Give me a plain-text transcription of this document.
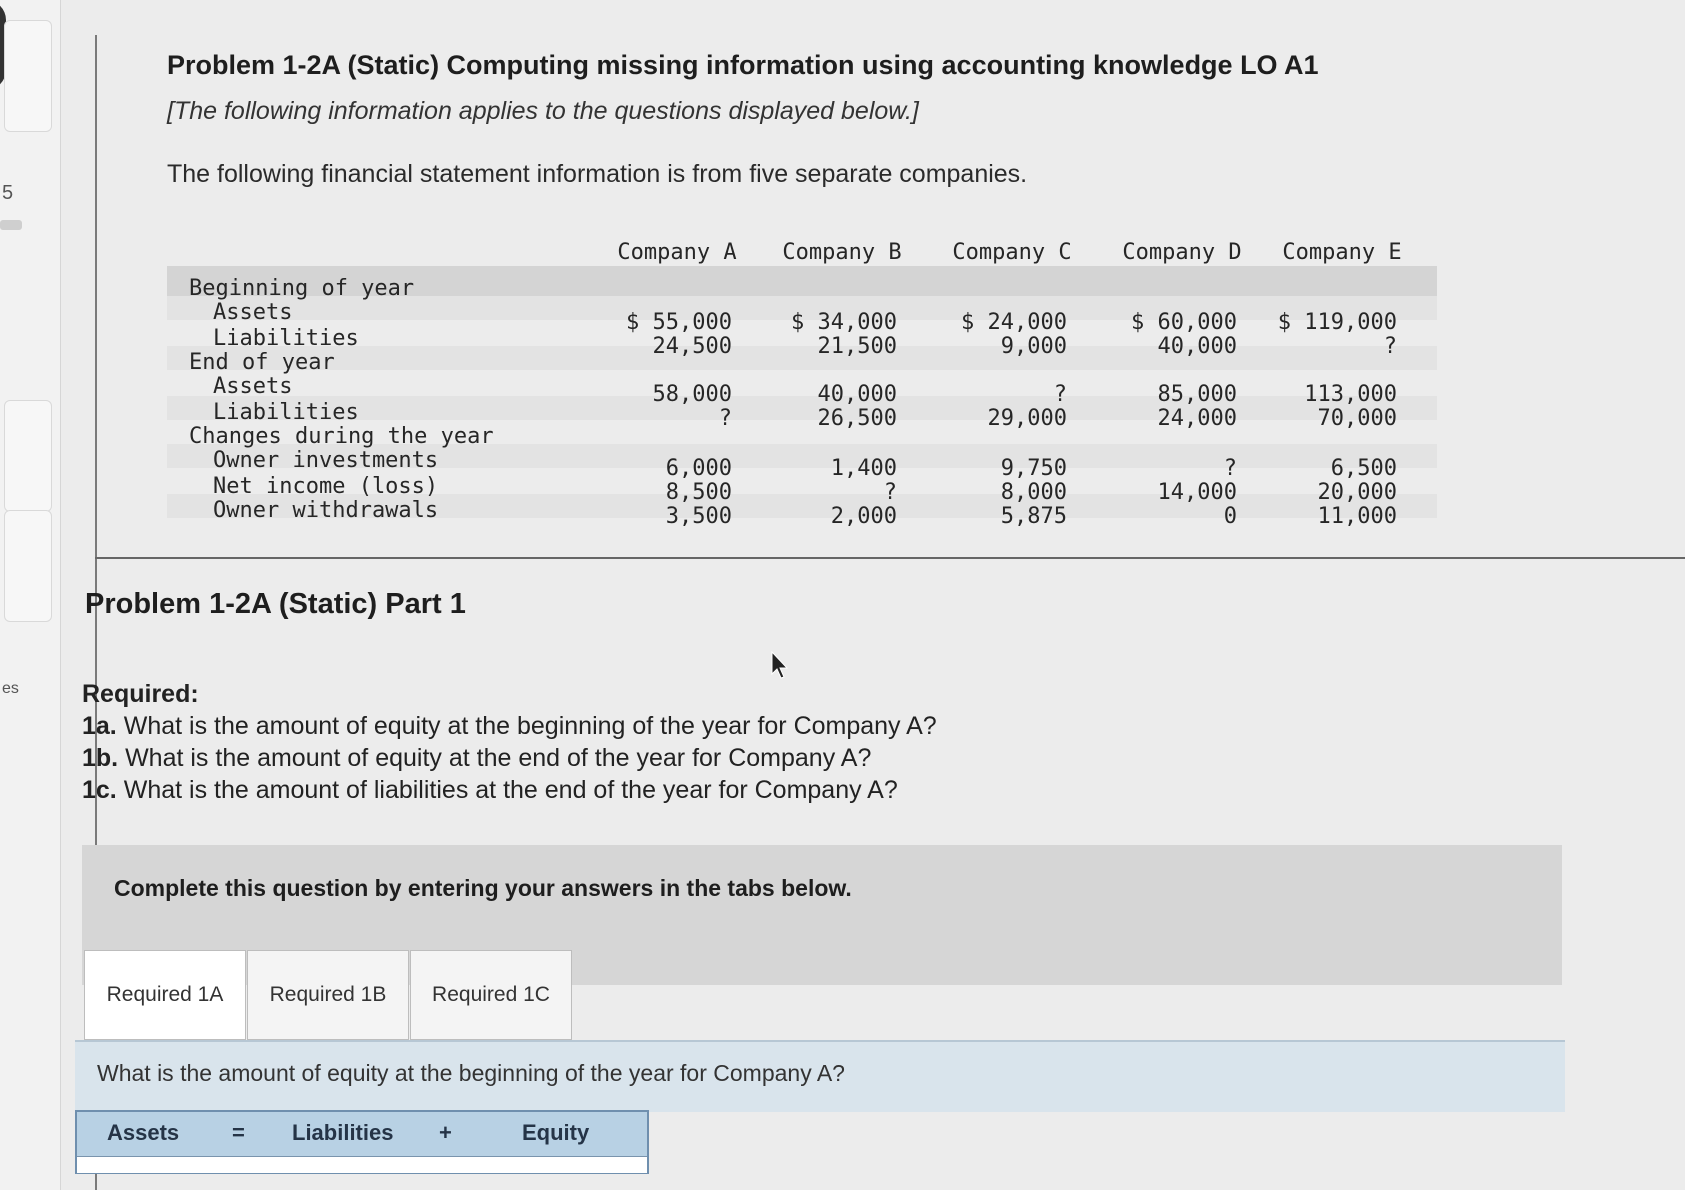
5
es
Problem 1-2A (Static) Computing missing information using accounting knowledge LO A1
[The following information applies to the questions displayed below.]
The following financial statement information is from five separate companies.
Company A	Company B	Company C	Company D	Company E
Beginning of year
Assets	$ 55,000	$ 34,000	$ 24,000	$ 60,000	$ 119,000
Liabilities	24,500	21,500	9,000	40,000	?
End of year
Assets	58,000	40,000	?	85,000	113,000
Liabilities	?	26,500	29,000	24,000	70,000
Changes during the year
Owner investments	6,000	1,400	9,750	?	6,500
Net income (loss)	8,500	?	8,000	14,000	20,000
Owner withdrawals	3,500	2,000	5,875	0	11,000
Problem 1-2A (Static) Part 1
Required:
1a. What is the amount of equity at the beginning of the year for Company A?
1b. What is the amount of equity at the end of the year for Company A?
1c. What is the amount of liabilities at the end of the year for Company A?
Complete this question by entering your answers in the tabs below.
Required 1A	Required 1B	Required 1C
What is the amount of equity at the beginning of the year for Company A?
Assets = Liabilities +	Equity
